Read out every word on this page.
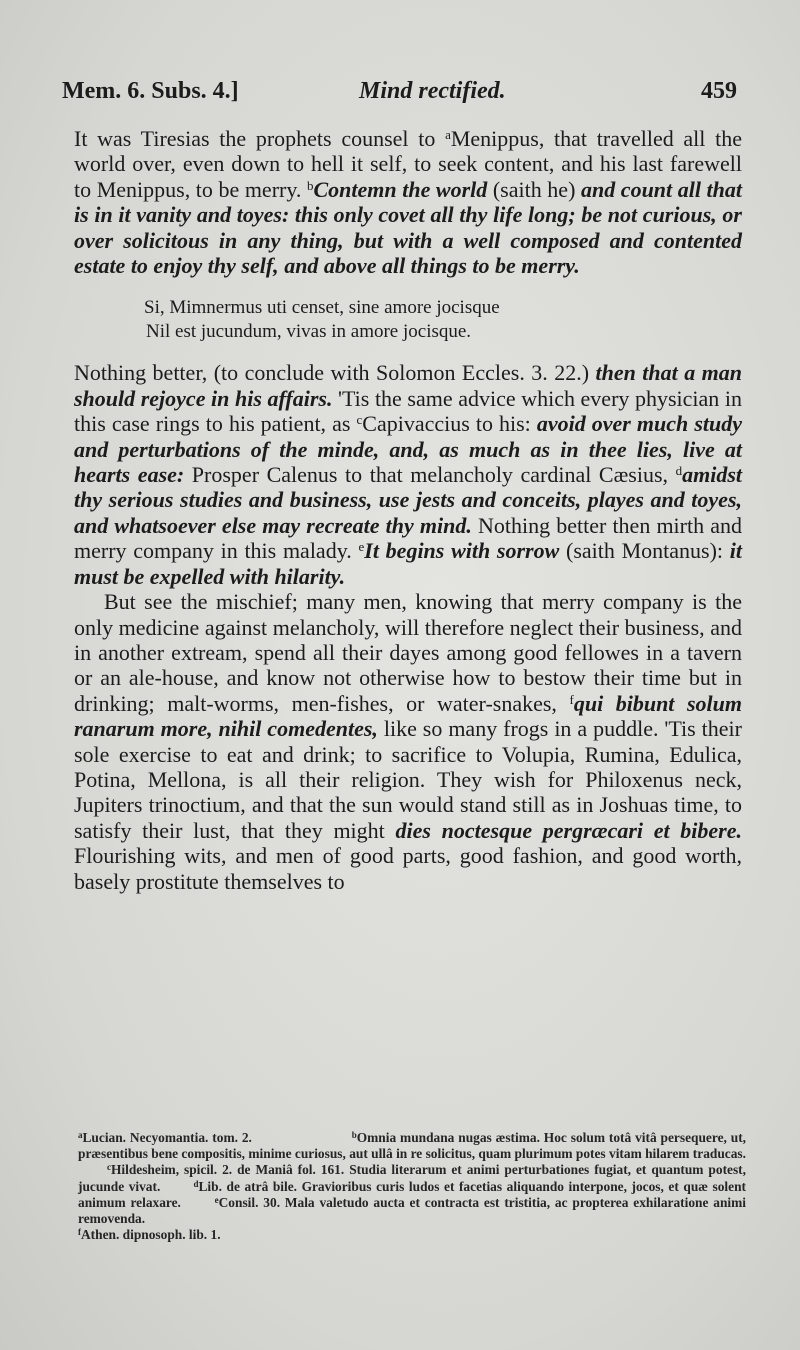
Mem. 6. Subs. 4.]	Mind rectified.	459

It was Tiresias the prophets counsel to $^a$Menippus, that travelled all the world over, even down to hell it self, to seek content, and his last farewell to Menippus, to be merry. $^b$Contemn the world (saith he) and count all that is in it vanity and toyes: this only covet all thy life long; be not curious, or over solicitous in any thing, but with a well composed and contented estate to enjoy thy self, and above all things to be merry.

Si, Mimnermus uti censet, sine amore jocisque
Nil est jucundum, vivas in amore jocisque.

Nothing better, (to conclude with Solomon Eccles. 3. 22.) then that a man should rejoyce in his affairs. 'Tis the same advice which every physician in this case rings to his patient, as $^c$Capivaccius to his: avoid over much study and perturbations of the minde, and, as much as in thee lies, live at hearts ease: Prosper Calenus to that melancholy cardinal Cæsius, $^d$amidst thy serious studies and business, use jests and conceits, playes and toyes, and whatsoever else may recreate thy mind. Nothing better then mirth and merry company in this malady. $^e$It begins with sorrow (saith Montanus): it must be expelled with hilarity.

But see the mischief; many men, knowing that merry company is the only medicine against melancholy, will therefore neglect their business, and in another extream, spend all their dayes among good fellowes in a tavern or an ale-house, and know not otherwise how to bestow their time but in drinking; malt-worms, men-fishes, or water-snakes, $^f$qui bibunt solum ranarum more, nihil comedentes, like so many frogs in a puddle. 'Tis their sole exercise to eat and drink; to sacrifice to Volupia, Rumina, Edulica, Potina, Mellona, is all their religion. They wish for Philoxenus neck, Jupiters trinoctium, and that the sun would stand still as in Joshuas time, to satisfy their lust, that they might dies noctesque pergræcari et bibere. Flourishing wits, and men of good parts, good fashion, and good worth, basely prostitute themselves to

$^a$Lucian. Necyomantia. tom. 2.	$^b$Omnia mundana nugas æstima. Hoc solum totâ vitâ persequere, ut, præsentibus bene compositis, minime curiosus, aut ullâ in re solicitus, quam plurimum potes vitam hilarem traducas.  $^c$Hildesheim, spicil. 2. de Maniâ fol. 161. Studia literarum et animi perturbationes fugiat, et quantum potest, jucunde vivat.	$^d$Lib. de atrâ bile. Gravioribus curis ludos et facetias aliquando interpone, jocos, et quæ solent animum relaxare.	$^e$Consil. 30. Mala valetudo aucta et contracta est tristitia, ac propterea exhilaratione animi removenda.
$^f$Athen. dipnosoph. lib. 1.
